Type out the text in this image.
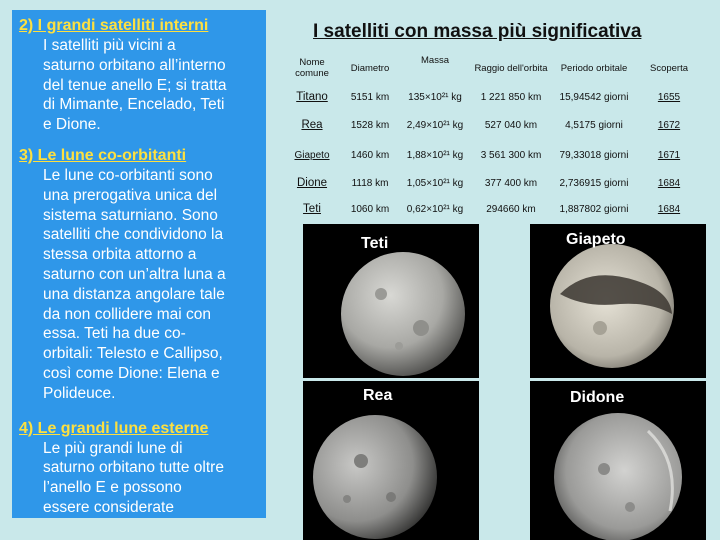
2) I grandi satelliti interni

I satelliti più vicini a
saturno orbitano all’interno
del tenue anello E; si tratta
di Mimante, Encelado, Teti
e Dione.

3) Le lune co-orbitanti

Le lune co-orbitanti sono
una prerogativa unica del
sistema saturniano. Sono
satelliti che condividono la
stessa orbita attorno a
saturno con un’altra luna a
una distanza angolare tale
da non collidere mai con
essa. Teti ha due co-
orbitali: Telesto e Callipso,
così come Dione: Elena e
Polideuce.

4) Le grandi lune esterne

Le più grandi lune di
saturno orbitano tutte oltre
l’anello E e possono
essere considerate

I satelliti con massa più significativa

Nome comune	Diametro	Massa	Raggio dell'orbita	Periodo orbitale	Scoperta
Titano	5151 km	135×10²¹ kg	1 221 850 km	15,94542 giorni	1655
Rea	1528 km	2,49×10²¹ kg	527 040 km	4,5175 giorni	1672
Giapeto	1460 km	1,88×10²¹ kg	3 561 300 km	79,33018 giorni	1671
Dione	1118 km	1,05×10²¹ kg	377 400 km	2,736915 giorni	1684
Teti	1060 km	0,62×10²¹ kg	294660 km	1,887802 giorni	1684
Teti	Giapeto
Rea	Didone
